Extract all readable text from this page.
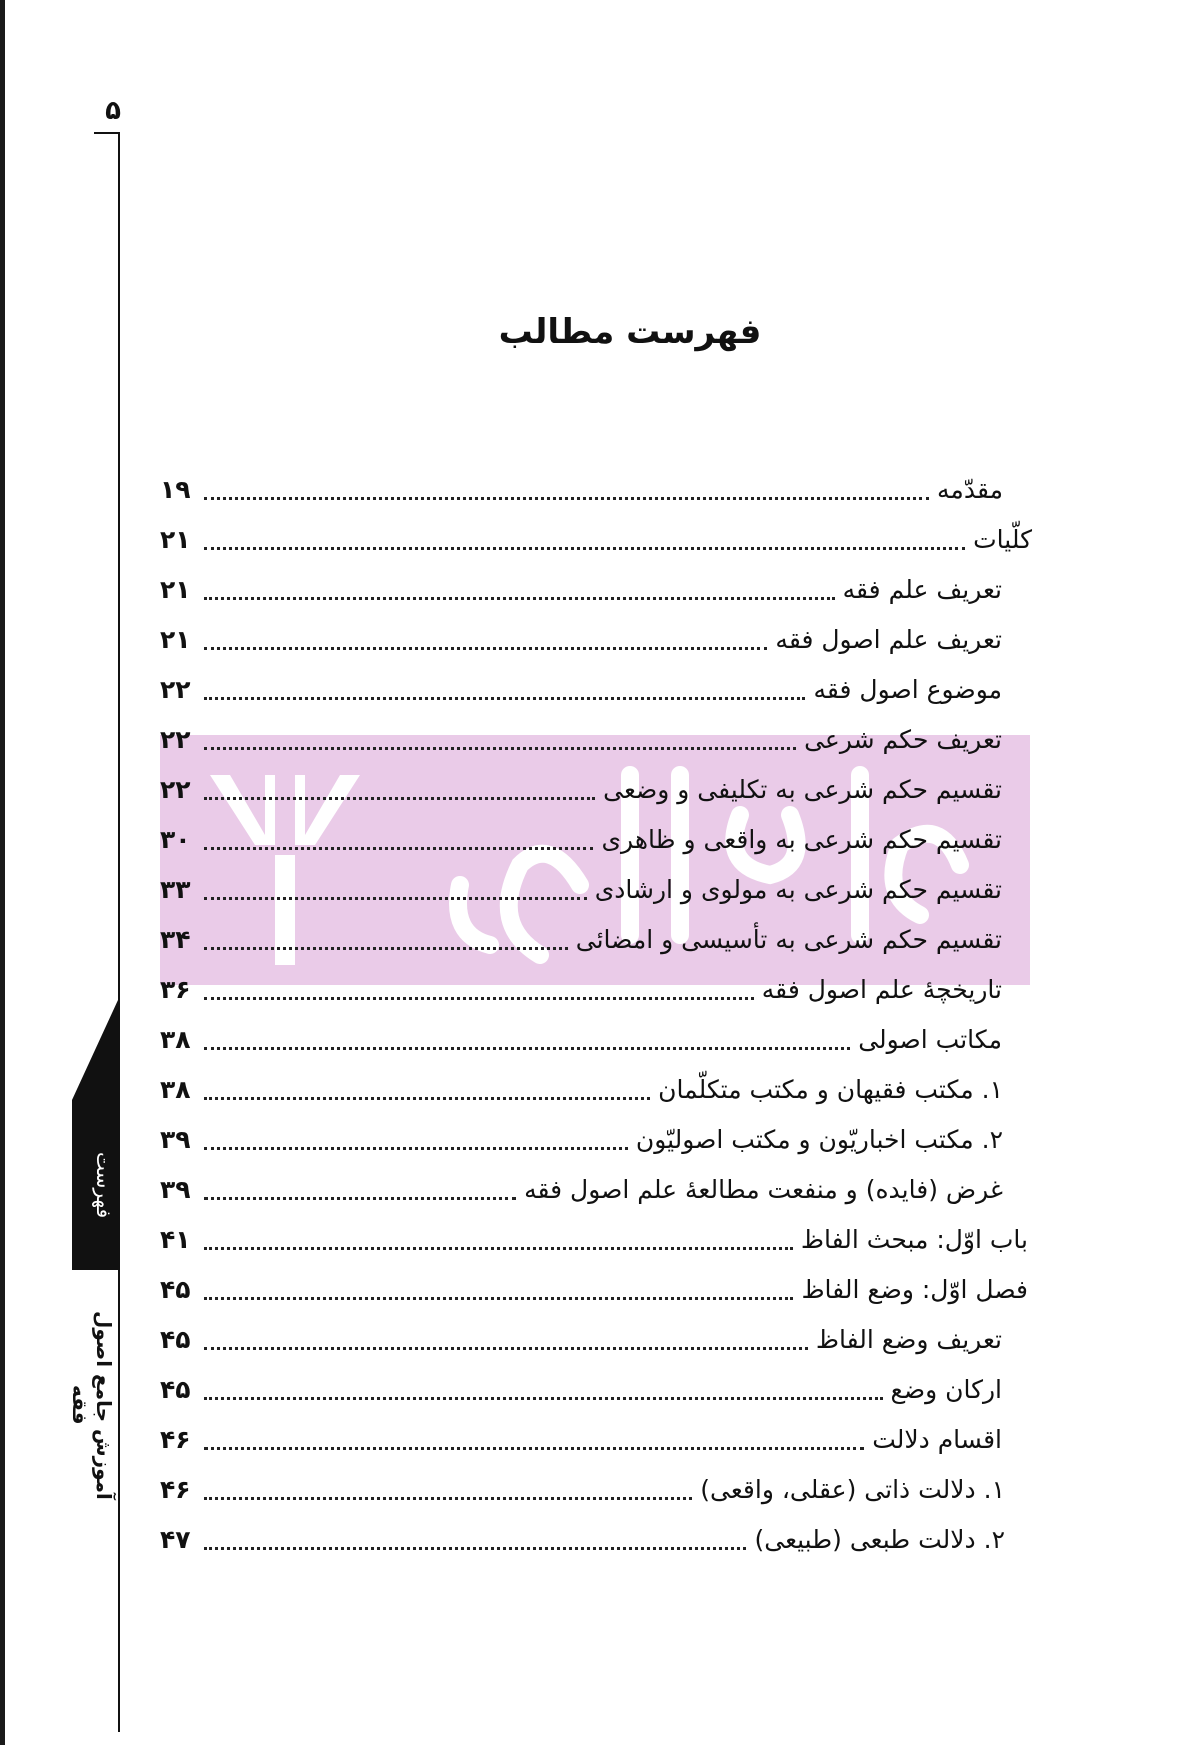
۵
فهرست
آموزش جامع اصول فقه
فهرست مطالب
مقدّمه
۱۹
کلّیات
۲۱
تعریف علم فقه
۲۱
تعریف علم اصول فقه
۲۱
موضوع اصول فقه
۲۲
تعریف حکم شرعی
۲۲
تقسیم حکم شرعی به تکلیفی و وضعی
۲۲
تقسیم حکم شرعی به واقعی و ظاهری
۳۰
تقسیم حکم شرعی به مولوی و ارشادی
۳۳
تقسیم حکم شرعی به تأسیسی و امضائی
۳۴
تاریخچهٔ علم اصول فقه
۳۶
مکاتب اصولی
۳۸
۱. مکتب فقیهان و مکتب متکلّمان
۳۸
۲. مکتب اخباریّون و مکتب اصولیّون
۳۹
غرض (فایده) و منفعت مطالعهٔ علم اصول فقه
۳۹
باب اوّل: مبحث الفاظ
۴۱
فصل اوّل: وضع الفاظ
۴۵
تعریف وضع الفاظ
۴۵
ارکان وضع
۴۵
اقسام دلالت
۴۶
۱. دلالت ذاتی (عقلی، واقعی)
۴۶
۲. دلالت طبعی (طبیعی)
۴۷
